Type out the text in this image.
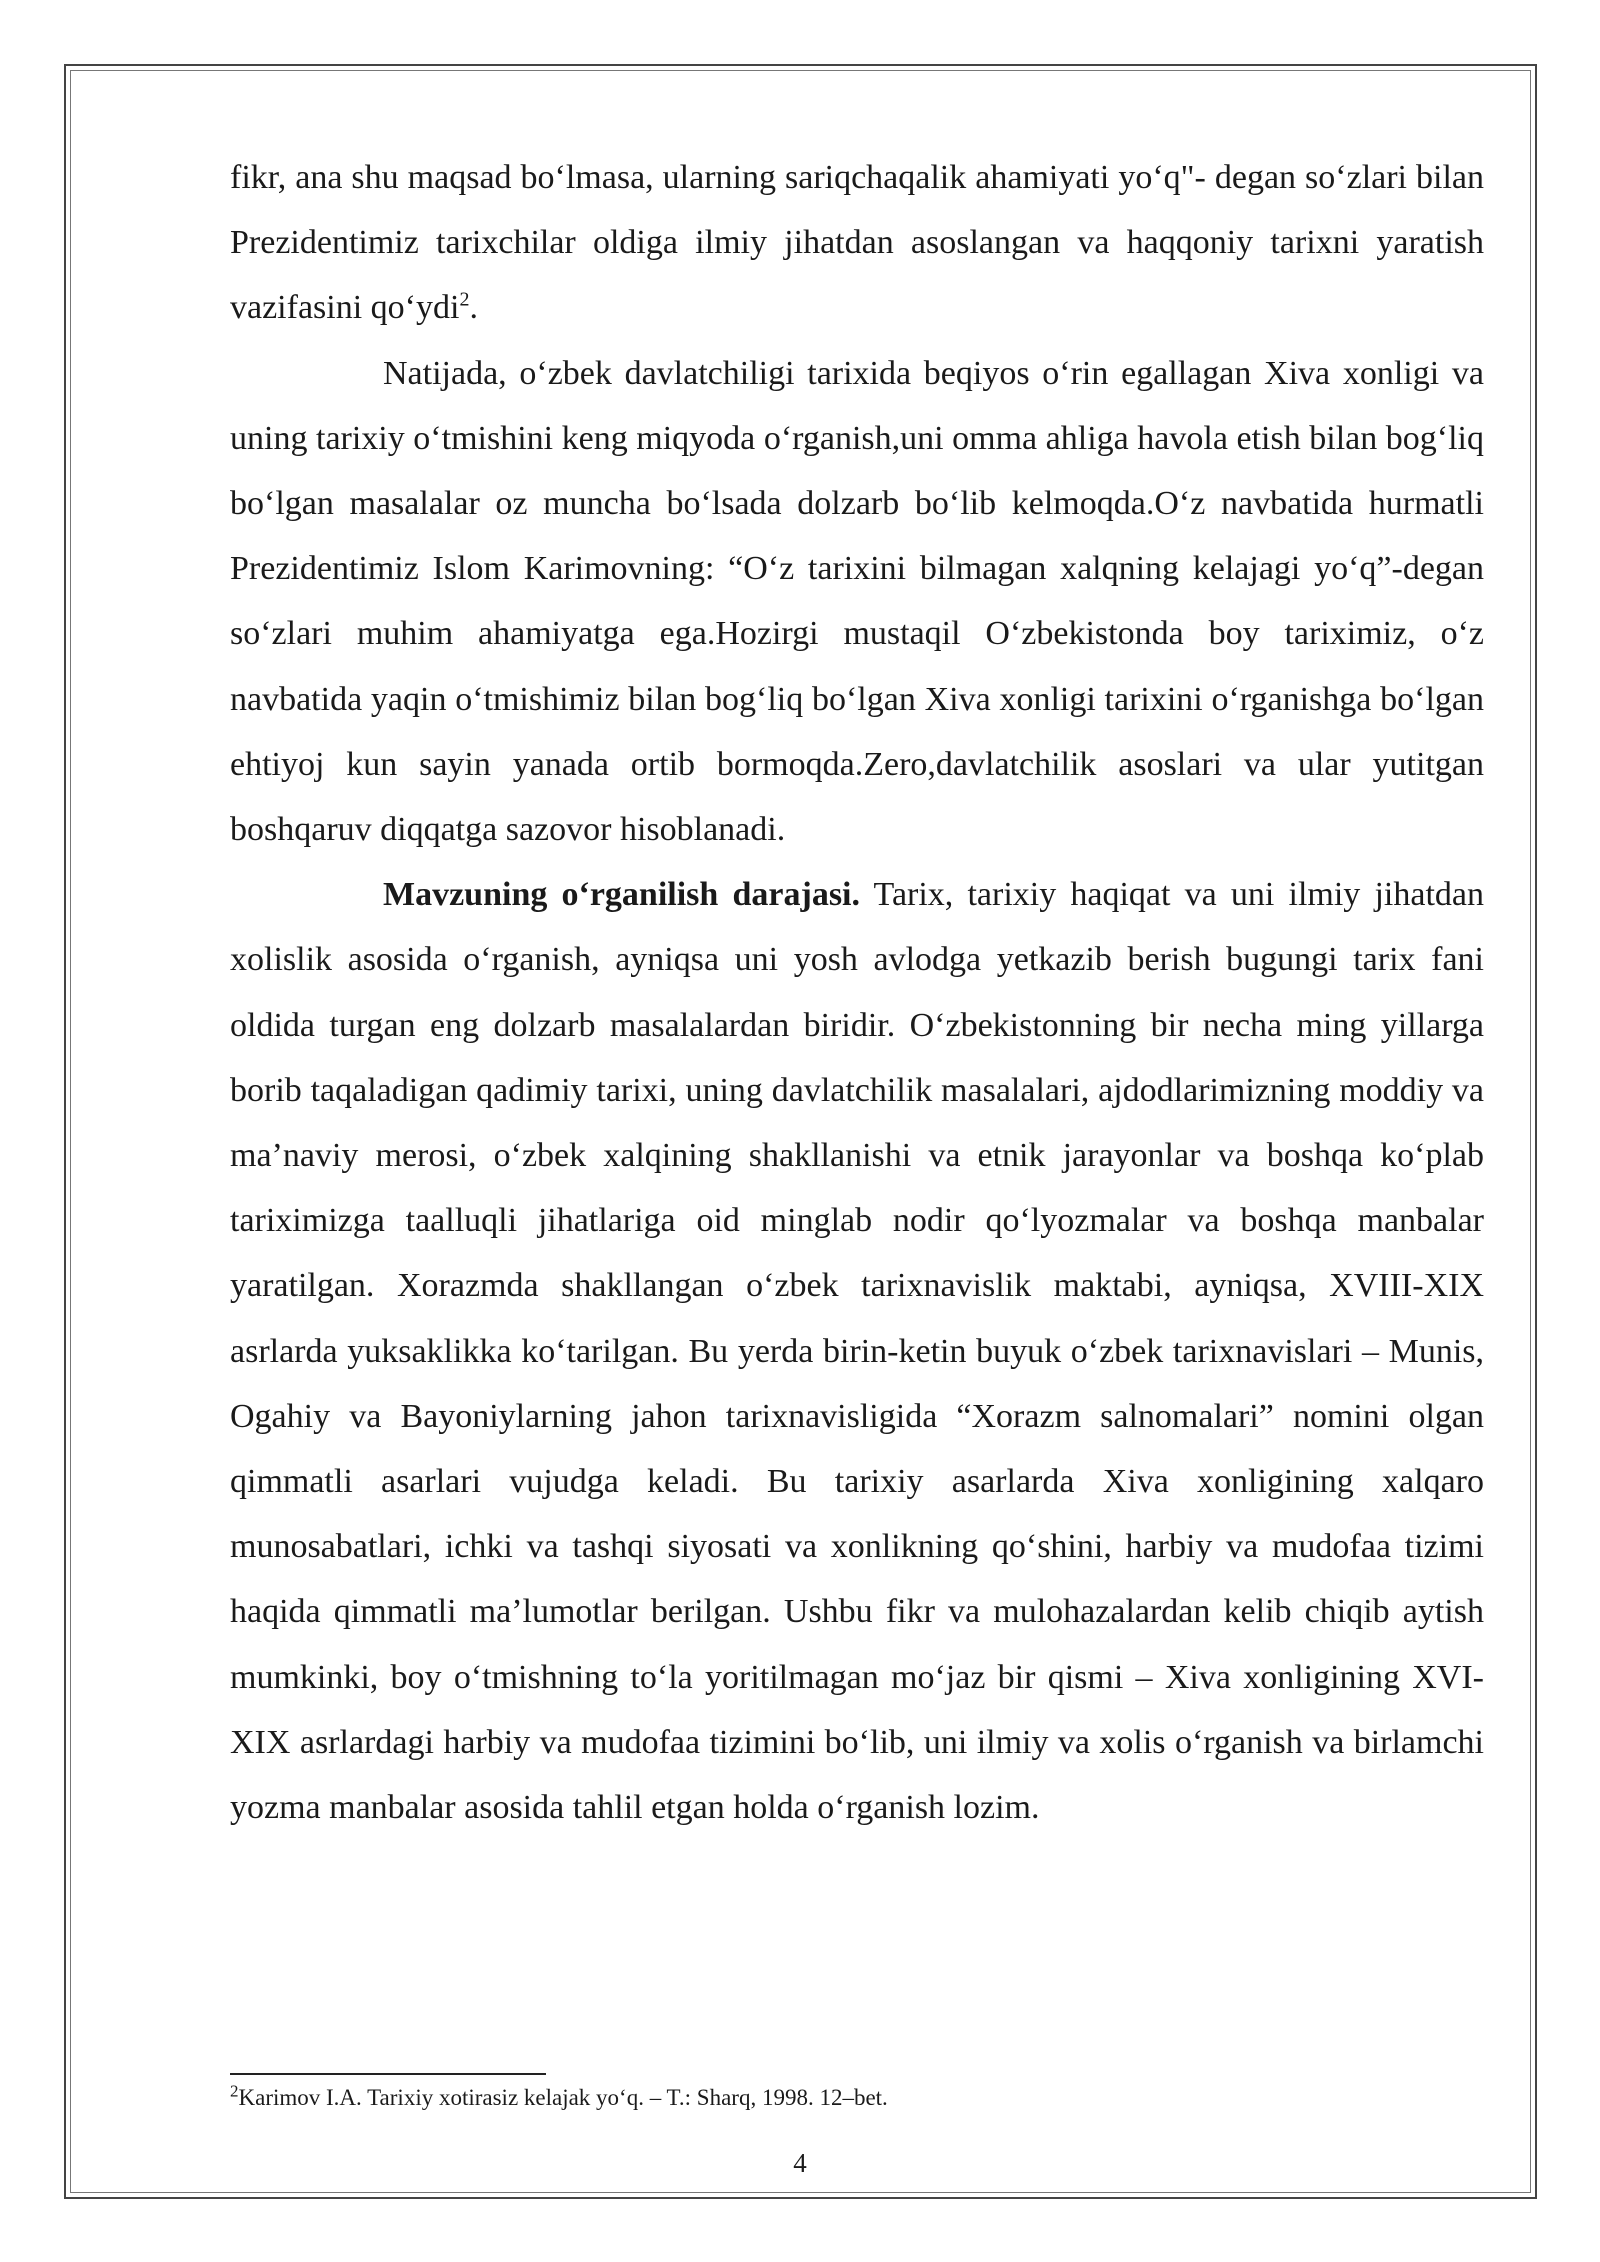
fikr, ana shu maqsad boʻlmasa, ularning sariqchaqalik ahamiyati yoʻq"- degan soʻzlari bilan Prezidentimiz tarixchilar oldiga ilmiy jihatdan asoslangan va haqqoniy tarixni yaratish vazifasini qoʻydi$^2$.

Natijada, oʻzbek davlatchiligi tarixida beqiyos oʻrin egallagan Xiva xonligi va uning tarixiy oʻtmishini keng miqyoda oʻrganish,uni omma ahliga havola etish bilan bogʻliq boʻlgan masalalar oz muncha boʻlsada dolzarb boʻlib kelmoqda.Oʻz navbatida hurmatli Prezidentimiz Islom Karimovning: “Oʻz tarixini bilmagan xalqning kelajagi yoʻq”-degan soʻzlari muhim ahamiyatga ega.Hozirgi mustaqil Oʻzbekistonda boy tariximiz, oʻz navbatida yaqin oʻtmishimiz bilan bogʻliq boʻlgan Xiva xonligi tarixini oʻrganishga boʻlgan ehtiyoj kun sayin yanada ortib bormoqda.Zero,davlatchilik asoslari va ular yutitgan boshqaruv diqqatga sazovor hisoblanadi.

Mavzuning oʻrganilish darajasi. Tarix, tarixiy haqiqat va uni ilmiy jihatdan xolislik asosida oʻrganish, ayniqsa uni yosh avlodga yetkazib berish bugungi tarix fani oldida turgan eng dolzarb masalalardan biridir. Oʻzbekistonning bir necha ming yillarga borib taqaladigan qadimiy tarixi, uning davlatchilik masalalari, ajdodlarimizning moddiy va ma’naviy merosi, oʻzbek xalqining shakllanishi va etnik jarayonlar va boshqa koʻplab tariximizga taalluqli jihatlariga oid minglab nodir qoʻlyozmalar va boshqa manbalar yaratilgan. Xorazmda shakllangan oʻzbek tarixnavislik maktabi, ayniqsa, XVIII-XIX asrlarda yuksaklikka koʻtarilgan. Bu yerda birin-ketin buyuk oʻzbek tarixnavislari – Munis, Ogahiy va Bayoniylarning jahon tarixnavisligida “Xorazm salnomalari” nomini olgan qimmatli asarlari vujudga keladi. Bu tarixiy asarlarda Xiva xonligining xalqaro munosabatlari, ichki va tashqi siyosati va xonlikning qoʻshini, harbiy va mudofaa tizimi haqida qimmatli ma’lumotlar berilgan. Ushbu fikr va mulohazalardan kelib chiqib aytish mumkinki, boy oʻtmishning toʻla yoritilmagan moʻjaz bir qismi – Xiva xonligining XVI-XIX asrlardagi harbiy va mudofaa tizimini boʻlib, uni ilmiy va xolis oʻrganish va birlamchi yozma manbalar asosida tahlil etgan holda oʻrganish lozim.

$^2$Karimov I.A. Tarixiy xotirasiz kelajak yoʻq. – T.: Sharq, 1998. 12–bet.
4
